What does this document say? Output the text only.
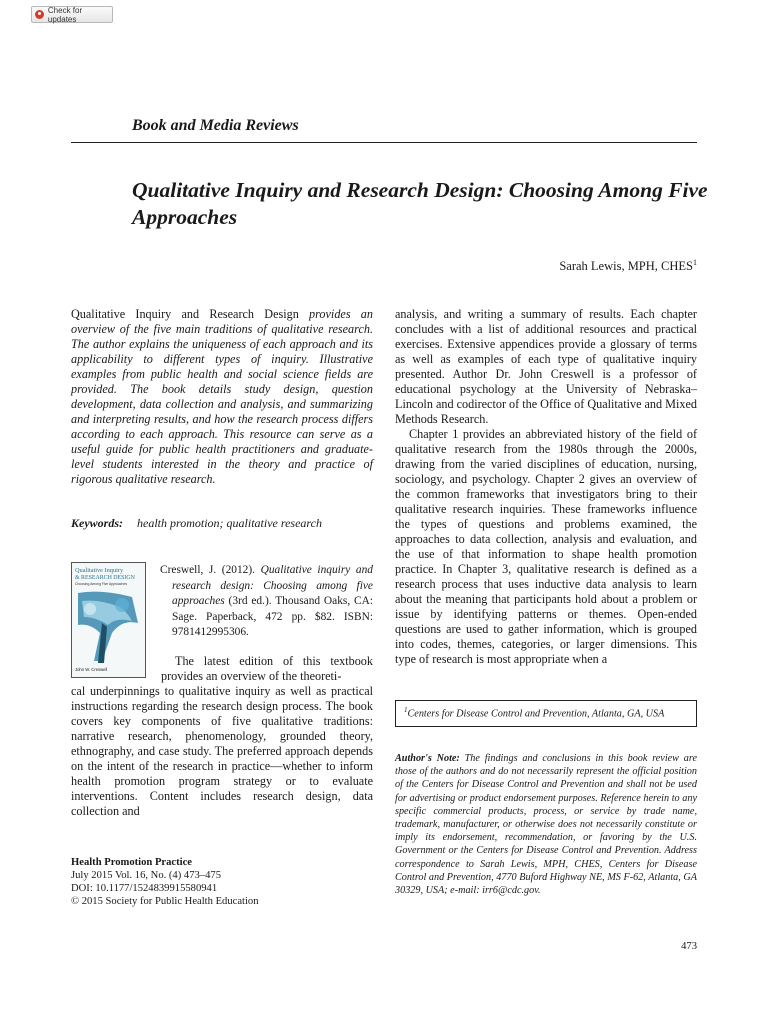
Check for updates
Book and Media Reviews
Qualitative Inquiry and Research Design: Choosing Among Five Approaches
Sarah Lewis, MPH, CHES$^1$
Qualitative Inquiry and Research Design provides an overview of the five main traditions of qualitative research. The author explains the uniqueness of each approach and its applicability to different types of inquiry. Illustrative examples from public health and social science fields are provided. The book details study design, question development, data collection and analysis, and summarizing and interpreting results, and how the research process differs according to each approach. This resource can serve as a useful guide for public health practitioners and graduate-level students interested in the theory and practice of rigorous qualitative research.
Keywords: health promotion; qualitative research
Qualitative Inquiry
& RESEARCH DESIGN
Choosing Among Five Approaches
John W. Creswell
Creswell, J. (2012). Qualitative inquiry and research design: Choosing among five approaches (3rd ed.). Thousand Oaks, CA: Sage. Paperback, 472 pp. $82. ISBN: 9781412995306.

The latest edition of this textbook provides an overview of the theoreti-
cal underpinnings to qualitative inquiry as well as practical instructions regarding the research design process. The book covers key components of five qualitative traditions: narrative research, phenomenology, grounded theory, ethnography, and case study. The preferred approach depends on the intent of the research in practice—whether to inform health promotion program strategy or to evaluate interventions. Content includes research design, data collection and

analysis, and writing a summary of results. Each chapter concludes with a list of additional resources and practical exercises. Extensive appendices provide a glossary of terms as well as examples of each type of qualitative inquiry presented. Author Dr. John Creswell is a professor of educational psychology at the University of Nebraska–Lincoln and codirector of the Office of Qualitative and Mixed Methods Research.

Chapter 1 provides an abbreviated history of the field of qualitative research from the 1980s through the 2000s, drawing from the varied disciplines of education, nursing, sociology, and psychology. Chapter 2 gives an overview of the common frameworks that investigators bring to their qualitative research inquiries. These frameworks influence the types of questions and problems examined, the approaches to data collection, analysis and evaluation, and the use of that information to shape health promotion practice. In Chapter 3, qualitative research is defined as a research process that uses inductive data analysis to learn about the meaning that participants hold about a problem or issue by identifying patterns or themes. Open-ended questions are used to gather information, which is grouped into codes, themes, categories, or larger dimensions. This type of research is most appropriate when a

$^1$Centers for Disease Control and Prevention, Atlanta, GA, USA
Author's Note: The findings and conclusions in this book review are those of the authors and do not necessarily represent the official position of the Centers for Disease Control and Prevention and shall not be used for advertising or product endorsement purposes. Reference herein to any specific commercial products, process, or service by trade name, trademark, manufacturer, or otherwise does not necessarily constitute or imply its endorsement, recommendation, or favoring by the U.S. Government or the Centers for Disease Control and Prevention. Address correspondence to Sarah Lewis, MPH, CHES, Centers for Disease Control and Prevention, 4770 Buford Highway NE, MS F-62, Atlanta, GA 30329, USA; e-mail: irr6@cdc.gov.
Health Promotion Practice
July 2015 Vol. 16, No. (4) 473–475
DOI: 10.1177/1524839915580941
© 2015 Society for Public Health Education
473
